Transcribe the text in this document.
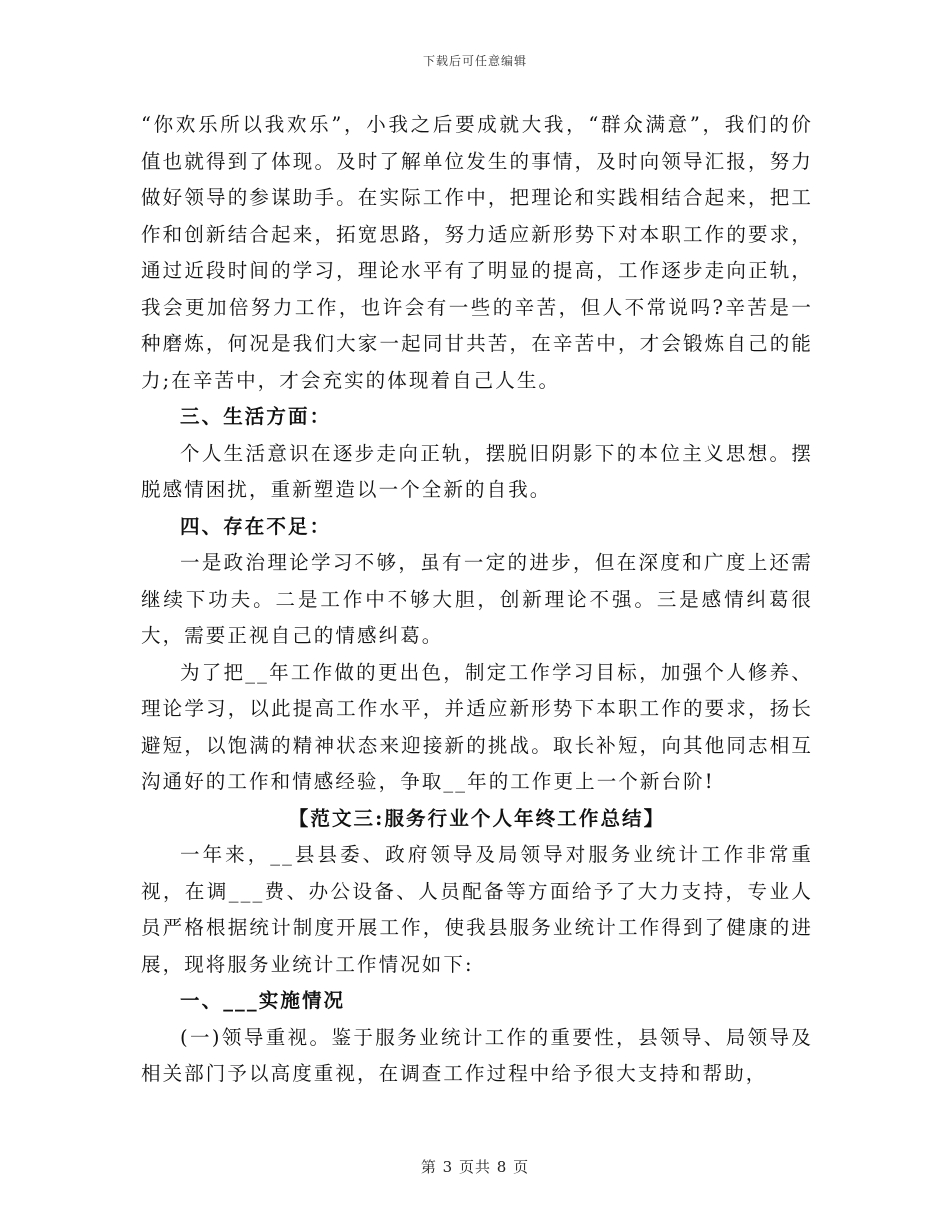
下载后可任意编辑

“你欢乐所以我欢乐”，小我之后要成就大我，“群众满意”，我们的价值也就得到了体现。及时了解单位发生的事情，及时向领导汇报，努力做好领导的参谋助手。在实际工作中，把理论和实践相结合起来，把工作和创新结合起来，拓宽思路，努力适应新形势下对本职工作的要求，通过近段时间的学习，理论水平有了明显的提高，工作逐步走向正轨，我会更加倍努力工作，也许会有一些的辛苦，但人不常说吗?辛苦是一种磨炼，何况是我们大家一起同甘共苦，在辛苦中，才会锻炼自己的能力;在辛苦中，才会充实的体现着自己人生。

三、生活方面：

个人生活意识在逐步走向正轨，摆脱旧阴影下的本位主义思想。摆脱感情困扰，重新塑造以一个全新的自我。

四、存在不足：

一是政治理论学习不够，虽有一定的进步，但在深度和广度上还需继续下功夫。二是工作中不够大胆，创新理论不强。三是感情纠葛很大，需要正视自己的情感纠葛。

为了把__年工作做的更出色，制定工作学习目标，加强个人修养、理论学习，以此提高工作水平，并适应新形势下本职工作的要求，扬长避短，以饱满的精神状态来迎接新的挑战。取长补短，向其他同志相互沟通好的工作和情感经验，争取__年的工作更上一个新台阶!

【范文三:服务行业个人年终工作总结】

一年来，__县县委、政府领导及局领导对服务业统计工作非常重视，在调___费、办公设备、人员配备等方面给予了大力支持，专业人员严格根据统计制度开展工作，使我县服务业统计工作得到了健康的进展，现将服务业统计工作情况如下:

一、___实施情况

(一)领导重视。鉴于服务业统计工作的重要性，县领导、局领导及相关部门予以高度重视，在调查工作过程中给予很大支持和帮助，

第 3 页共 8 页
